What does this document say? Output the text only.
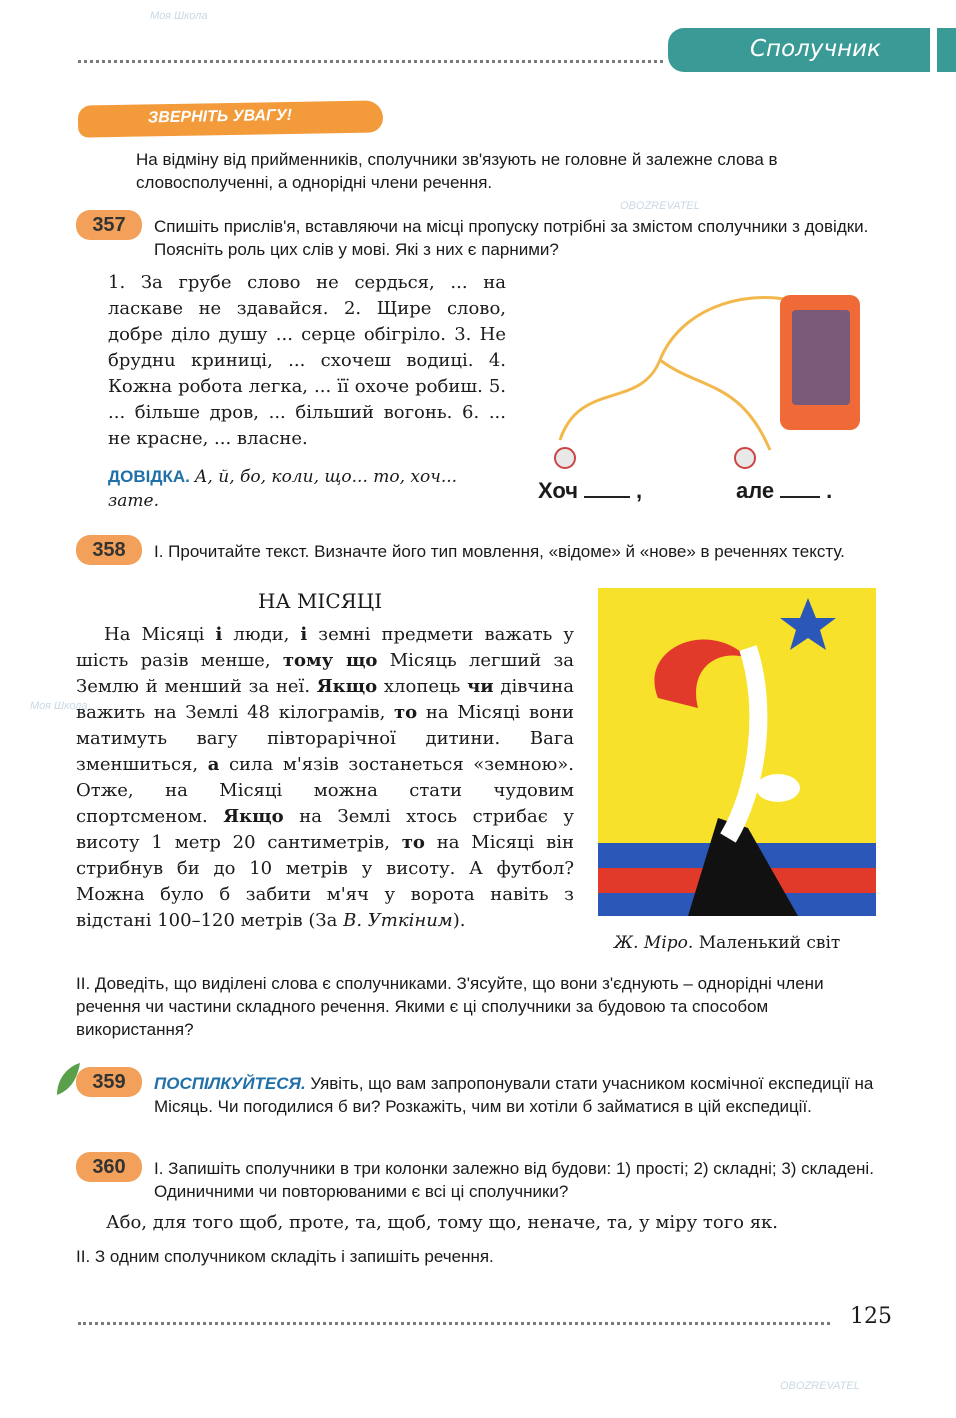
Моя Школа
OBOZREVATEL
Моя Школа
OBOZREVATEL
Сполучник
ЗВЕРНІТЬ УВАГУ!
На відміну від прийменників, сполучники зв'язують не головне й залежне слова в словосполученні, а однорідні члени речення.
357	Спишіть прислів'я, вставляючи на місці пропуску потрібні за змістом сполучники з довідки. Поясніть роль цих слів у мові. Які з них є парними?
1. За грубе слово не сердься, ... на ласкаве не здавайся. 2. Щире слово, добре діло душу ... серце обігріло. 3. Не бруднu криниці, ... схочеш водиці. 4. Кожна робота легка, ... її охоче робиш. 5. ... більше дров, ... більший вогонь. 6. ... не красне, ... власне.
ДОВІДКА. А, й, бо, коли, що... то, хоч... зате.	Хоч	,	але .
358	І. Прочитайте текст. Визначте його тип мовлення, «відоме» й «нове» в реченнях тексту.
НА МІСЯЦІ
На Місяці і люди, і земні предмети важать у шість разів менше, тому що Місяць легший за Землю й менший за неї. Якщо хлопець чи дівчина важить на Землі 48 кілограмів, то на Місяці вони матимуть вагу півторарічної дитини. Вага зменшиться, а сила м'язів зостанеться «земною». Отже, на Місяці можна стати чудовим спортсменом. Якщо на Землі хтось стрибає у висоту 1 метр 20 сантиметрів, то на Місяці він стрибнув би до 10 метрів у висоту. А футбол? Можна було б забити м'яч у ворота навіть з відстані 100–120 метрів (За В. Уткіним).
Ж. Міро. Маленький світ
ІІ. Доведіть, що виділені слова є сполучниками. З'ясуйте, що вони з'єднують – однорідні члени речення чи частини складного речення. Якими є ці сполучники за будовою та способом використання?
359	ПОСПІЛКУЙТЕСЯ. Уявіть, що вам запропонували стати учасником космічної експедиції на Місяць. Чи погодилися б ви? Розкажіть, чим ви хотіли б займатися в цій експедиції.
360	І. Запишіть сполучники в три колонки залежно від будови: 1) прості; 2) складні; 3) складені. Одиничними чи повторюваними є всі ці сполучники?
Або, для того щоб, проте, та, щоб, тому що, неначе, та, у міру того як.
ІІ. З одним сполучником складіть і запишіть речення.
125
